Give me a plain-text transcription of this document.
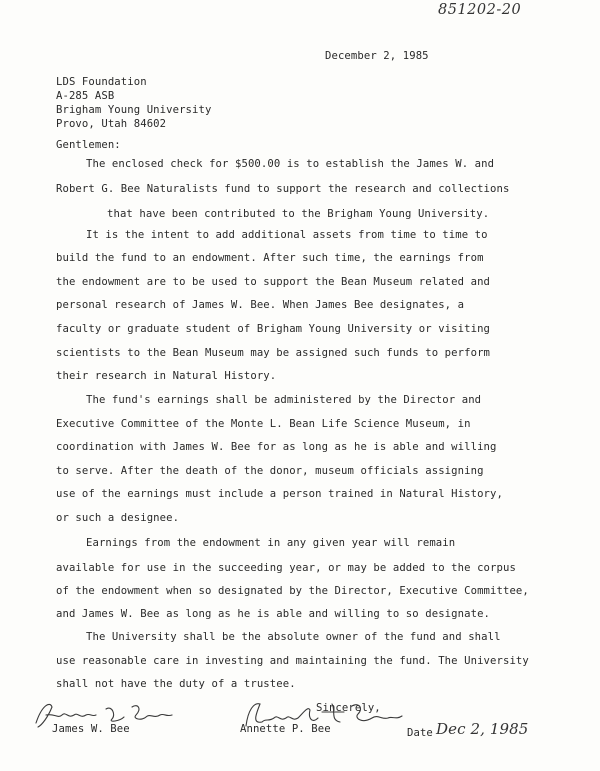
851202-20
December 2, 1985
LDS Foundation
A-285 ASB
Brigham Young University
Provo, Utah 84602
Gentlemen:
The enclosed check for $500.00 is to establish the James W. and
Robert G. Bee Naturalists fund to support the research and collections
that have been contributed to the Brigham Young University.
It is the intent to add additional assets from time to time to
build the fund to an endowment. After such time, the earnings from
the endowment are to be used to support the Bean Museum related and
personal research of James W. Bee. When James Bee designates, a
faculty or graduate student of Brigham Young University or visiting
scientists to the Bean Museum may be assigned such funds to perform
their research in Natural History.
The fund's earnings shall be administered by the Director and
Executive Committee of the Monte L. Bean Life Science Museum, in
coordination with James W. Bee for as long as he is able and willing
to serve. After the death of the donor, museum officials assigning
use of the earnings must include a person trained in Natural History,
or such a designee.
Earnings from the endowment in any given year will remain
available for use in the succeeding year, or may be added to the corpus
of the endowment when so designated by the Director, Executive Committee,
and James W. Bee as long as he is able and willing to so designate.
The University shall be the absolute owner of the fund and shall
use reasonable care in investing and maintaining the fund. The University
shall not have the duty of a trustee.
Sincerely,
James W. Bee	Annette P. Bee	Date Dec 2, 1985
